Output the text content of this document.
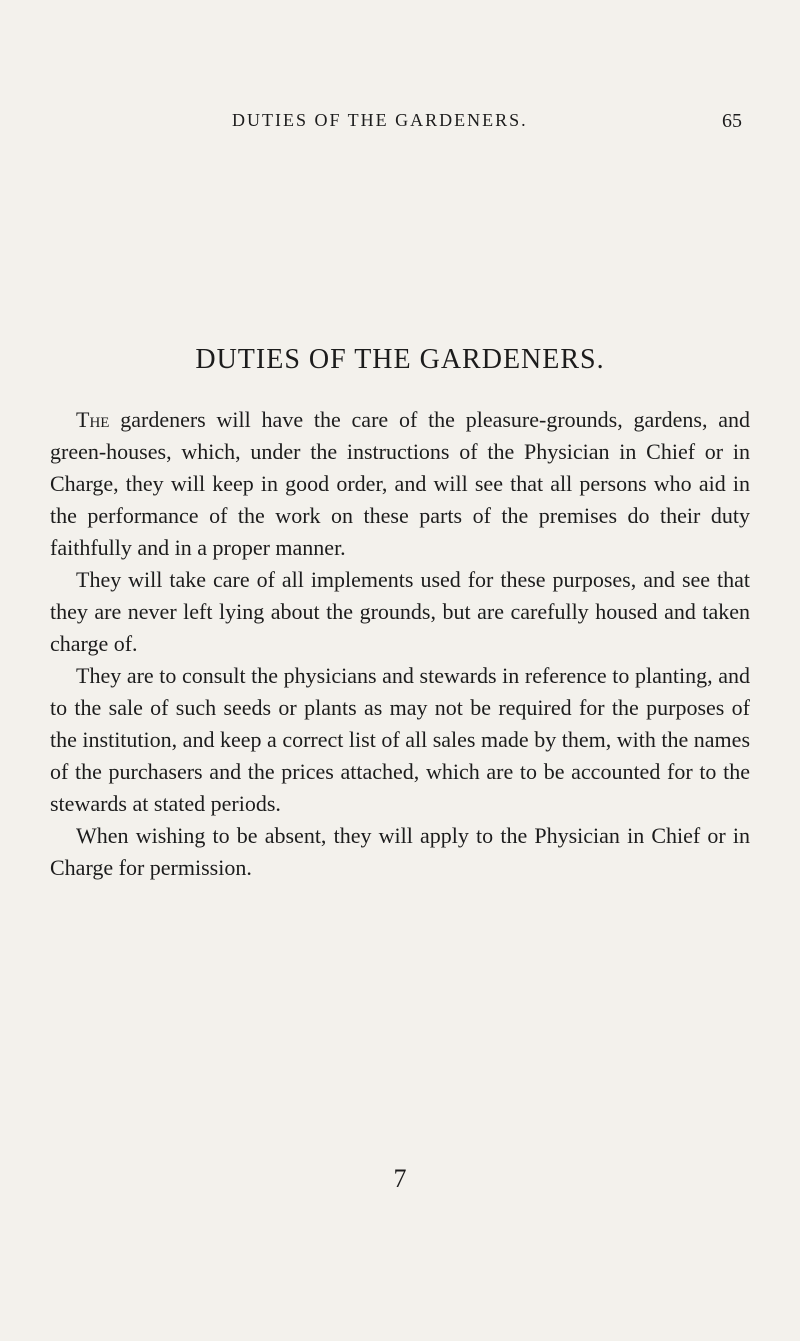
DUTIES OF THE GARDENERS.	65
DUTIES OF THE GARDENERS.

The gardeners will have the care of the pleasure-grounds, gardens, and green-houses, which, under the instructions of the Physician in Chief or in Charge, they will keep in good order, and will see that all persons who aid in the performance of the work on these parts of the premises do their duty faithfully and in a proper manner.

They will take care of all implements used for these purposes, and see that they are never left lying about the grounds, but are carefully housed and taken charge of.

They are to consult the physicians and stewards in reference to planting, and to the sale of such seeds or plants as may not be required for the purposes of the institution, and keep a correct list of all sales made by them, with the names of the purchasers and the prices attached, which are to be accounted for to the stewards at stated periods.

When wishing to be absent, they will apply to the Physician in Chief or in Charge for permission.

7
